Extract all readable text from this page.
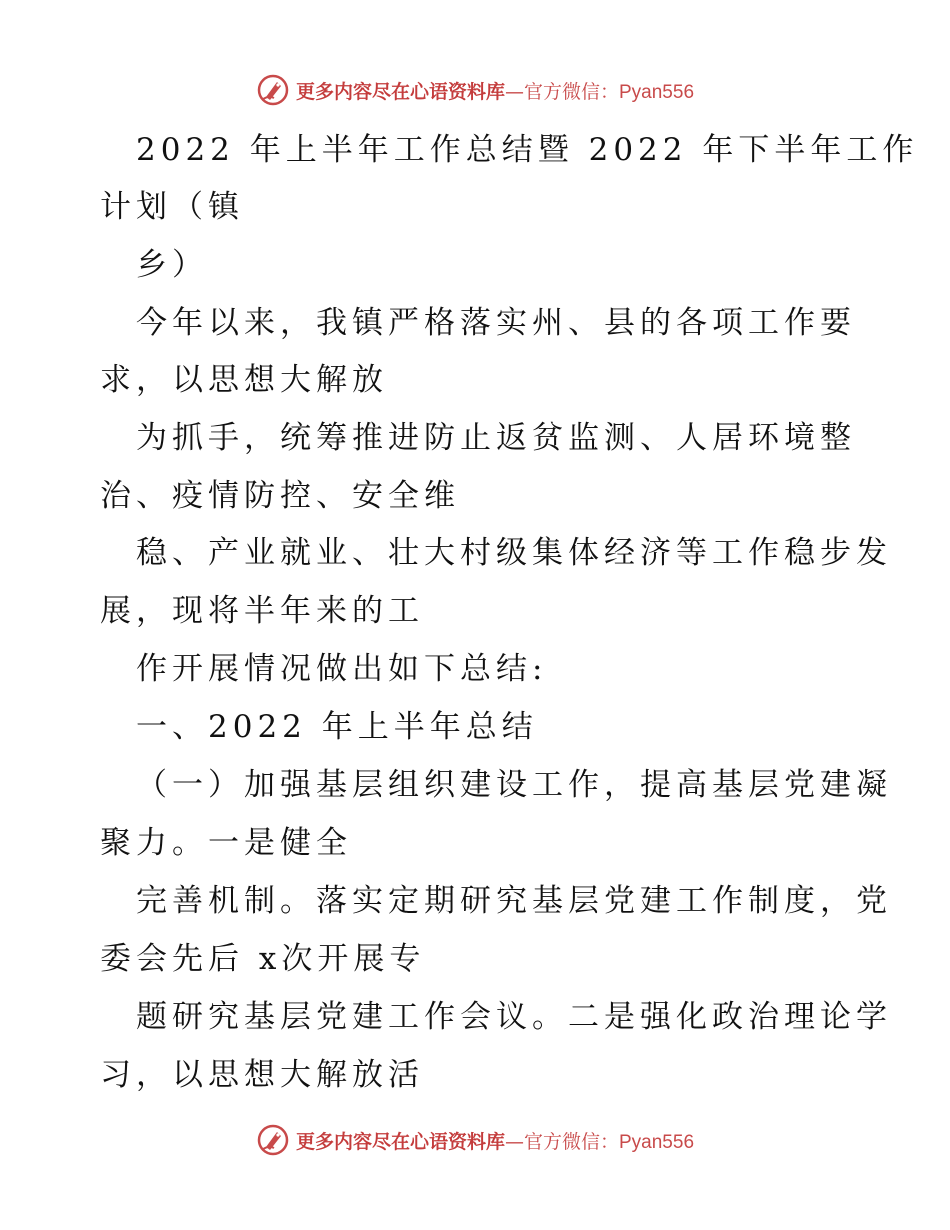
更多内容尽在心语资料库—官方微信：Pyan556
2022 年上半年工作总结暨 2022 年下半年工作
计划（镇
乡）
今年以来，我镇严格落实州、县的各项工作要
求，以思想大解放
为抓手，统筹推进防止返贫监测、人居环境整
治、疫情防控、安全维
稳、产业就业、壮大村级集体经济等工作稳步发
展，现将半年来的工
作开展情况做出如下总结:
一、2022 年上半年总结
（一）加强基层组织建设工作，提高基层党建凝
聚力。一是健全
完善机制。落实定期研究基层党建工作制度，党
委会先后 x次开展专
题研究基层党建工作会议。二是强化政治理论学
习，以思想大解放活
更多内容尽在心语资料库—官方微信：Pyan556
